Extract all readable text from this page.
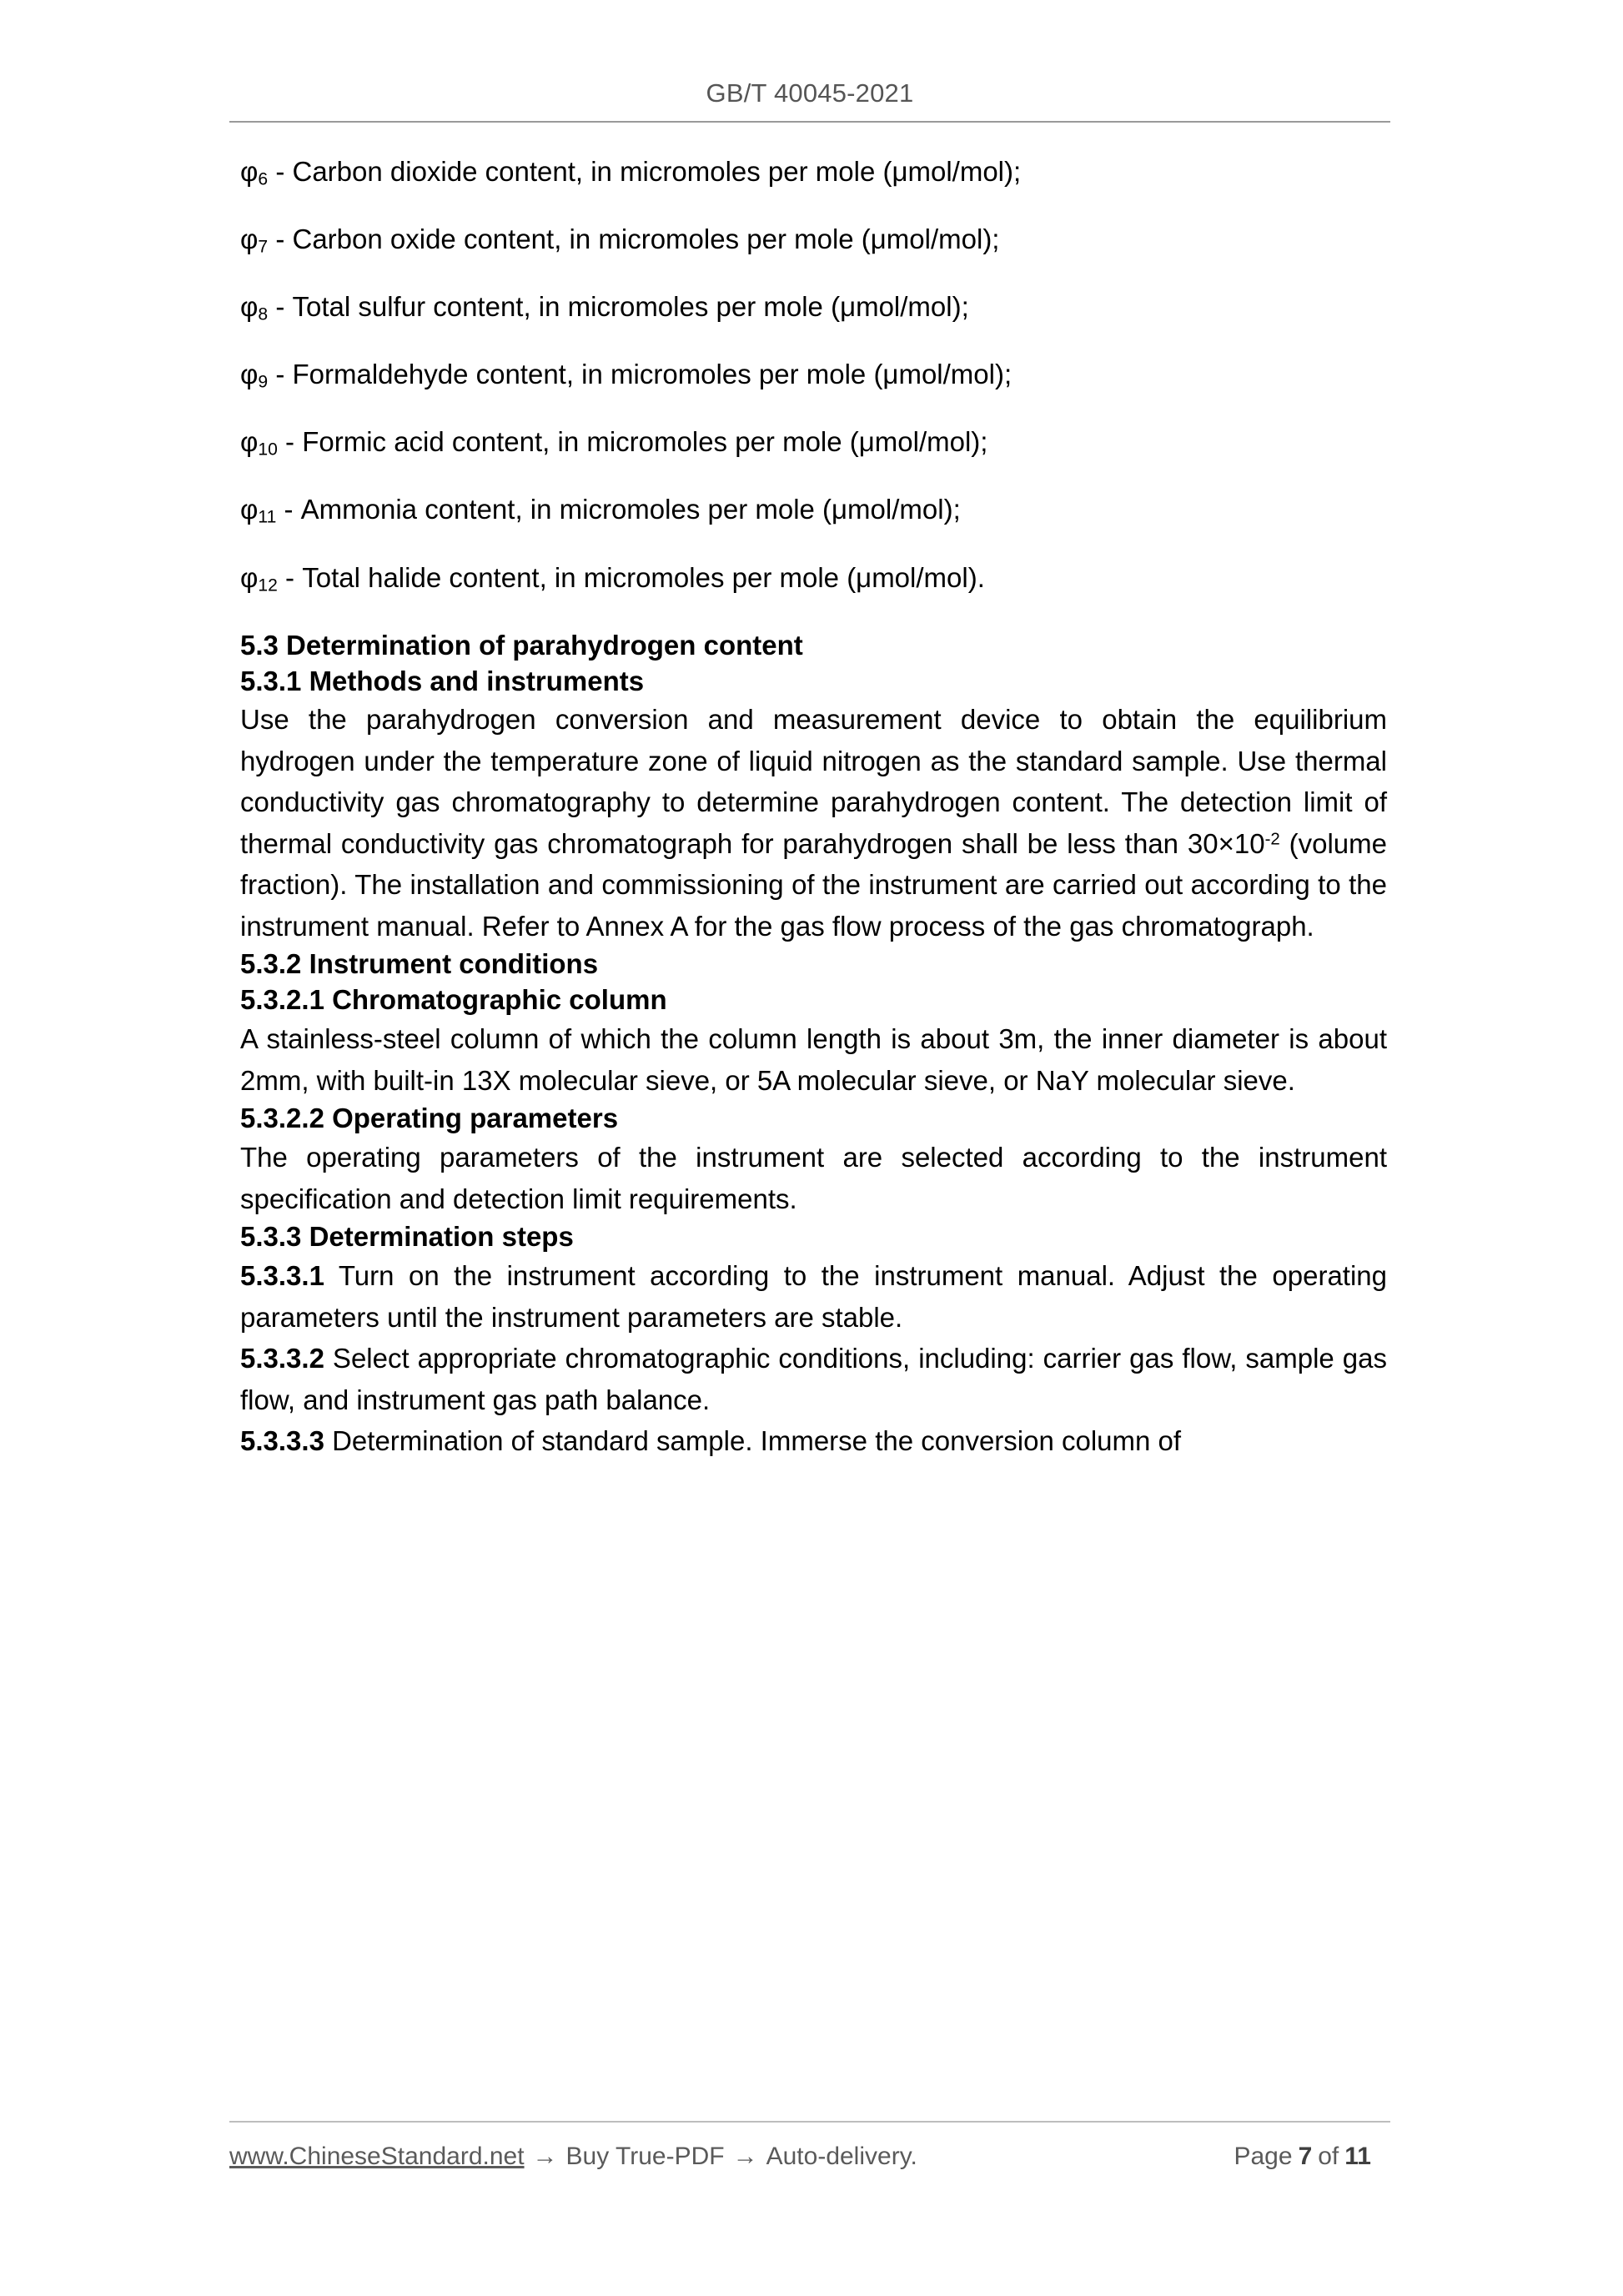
GB/T 40045-2021

$\varphi_6$ - Carbon dioxide content, in micromoles per mole (μmol/mol);

$\varphi_7$ - Carbon oxide content, in micromoles per mole (μmol/mol);

$\varphi_8$ - Total sulfur content, in micromoles per mole (μmol/mol);

$\varphi_9$ - Formaldehyde content, in micromoles per mole (μmol/mol);

$\varphi_{10}$ - Formic acid content, in micromoles per mole (μmol/mol);

$\varphi_{11}$ - Ammonia content, in micromoles per mole (μmol/mol);

$\varphi_{12}$ - Total halide content, in micromoles per mole (μmol/mol).

5.3 Determination of parahydrogen content
5.3.1 Methods and instruments

Use the parahydrogen conversion and measurement device to obtain the equilibrium hydrogen under the temperature zone of liquid nitrogen as the standard sample. Use thermal conductivity gas chromatography to determine parahydrogen content. The detection limit of thermal conductivity gas chromatograph for parahydrogen shall be less than $30\times 10^{-2}$ (volume fraction). The installation and commissioning of the instrument are carried out according to the instrument manual. Refer to Annex A for the gas flow process of the gas chromatograph.

5.3.2 Instrument conditions
5.3.2.1 Chromatographic column

A stainless-steel column of which the column length is about 3m, the inner diameter is about 2mm, with built-in 13X molecular sieve, or 5A molecular sieve, or NaY molecular sieve.

5.3.2.2 Operating parameters

The operating parameters of the instrument are selected according to the instrument specification and detection limit requirements.

5.3.3 Determination steps

5.3.3.1 Turn on the instrument according to the instrument manual. Adjust the operating parameters until the instrument parameters are stable.

5.3.3.2 Select appropriate chromatographic conditions, including: carrier gas flow, sample gas flow, and instrument gas path balance.

5.3.3.3 Determination of standard sample. Immerse the conversion column of

www.ChineseStandard.net → Buy True-PDF → Auto-delivery.	Page 7 of 11
